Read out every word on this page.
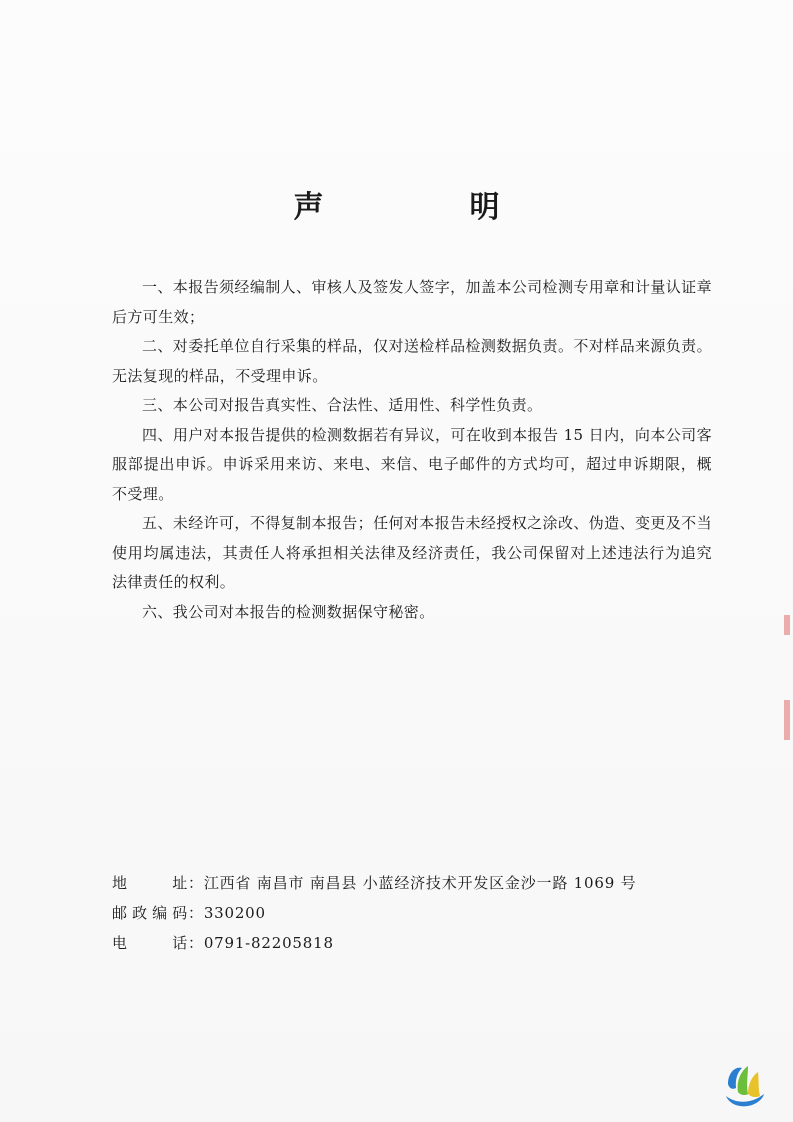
声　明

一、本报告须经编制人、审核人及签发人签字，加盖本公司检测专用章和计量认证章后方可生效；

二、对委托单位自行采集的样品，仅对送检样品检测数据负责。不对样品来源负责。无法复现的样品，不受理申诉。

三、本公司对报告真实性、合法性、适用性、科学性负责。

四、用户对本报告提供的检测数据若有异议，可在收到本报告 15 日内，向本公司客服部提出申诉。申诉采用来访、来电、来信、电子邮件的方式均可，超过申诉期限，概不受理。

五、未经许可，不得复制本报告；任何对本报告未经授权之涂改、伪造、变更及不当使用均属违法，其责任人将承担相关法律及经济责任，我公司保留对上述违法行为追究法律责任的权利。

六、我公司对本报告的检测数据保守秘密。

地址 ： 江西省 南昌市 南昌县 小蓝经济技术开发区金沙一路 1069 号
邮政编码 ： 330200
电话 ： 0791-82205818
